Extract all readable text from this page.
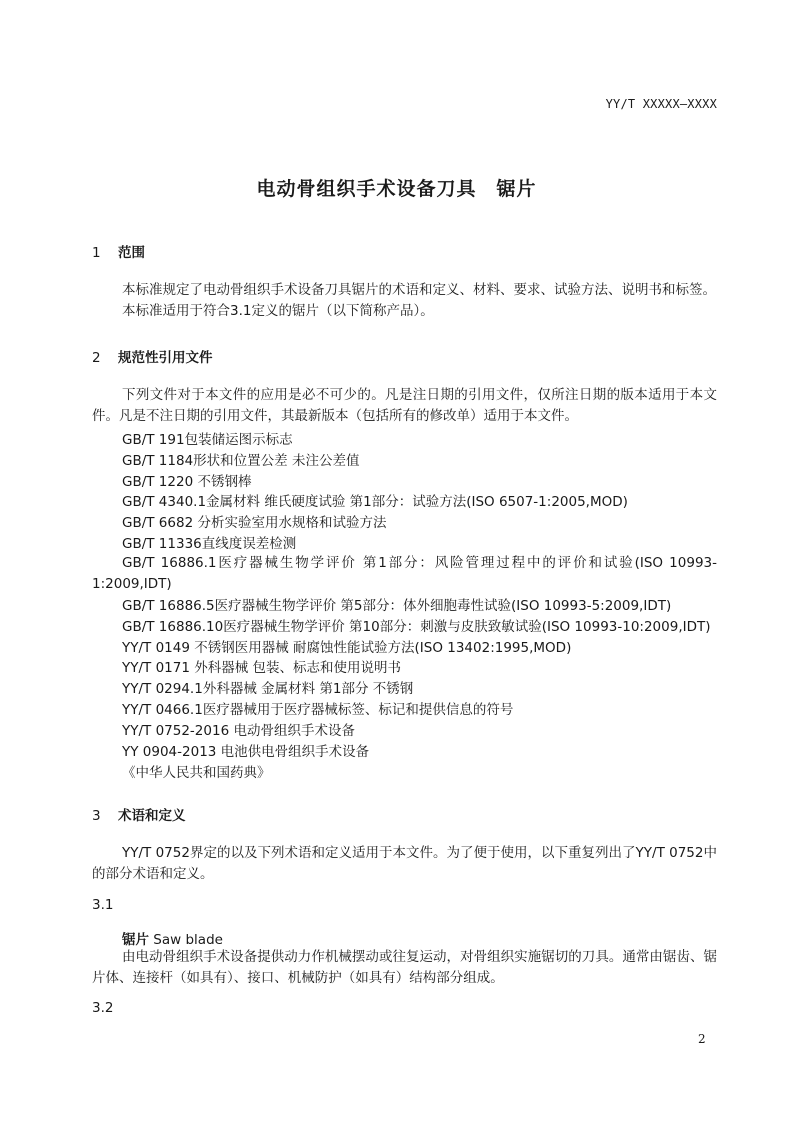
YY/T XXXXX—XXXX
电动骨组织手术设备刀具　锯片
1 范围
本标准规定了电动骨组织手术设备刀具锯片的术语和定义、材料、要求、试验方法、说明书和标签。
本标准适用于符合3.1定义的锯片（以下简称产品）。
2 规范性引用文件
下列文件对于本文件的应用是必不可少的。凡是注日期的引用文件，仅所注日期的版本适用于本文件。凡是不注日期的引用文件，其最新版本（包括所有的修改单）适用于本文件。
GB/T 191包装储运图示标志
GB/T 1184形状和位置公差 未注公差值
GB/T 1220 不锈钢棒
GB/T 4340.1金属材料 维氏硬度试验 第1部分：试验方法(ISO 6507-1:2005,MOD)
GB/T 6682 分析实验室用水规格和试验方法
GB/T 11336直线度误差检测
GB/T 16886.1医疗器械生物学评价 第1部分：风险管理过程中的评价和试验(ISO 10993-1:2009,IDT)
GB/T 16886.5医疗器械生物学评价 第5部分：体外细胞毒性试验(ISO 10993-5:2009,IDT)
GB/T 16886.10医疗器械生物学评价 第10部分：刺激与皮肤致敏试验(ISO 10993-10:2009,IDT)
YY/T 0149 不锈钢医用器械 耐腐蚀性能试验方法(ISO 13402:1995,MOD)
YY/T 0171 外科器械 包装、标志和使用说明书
YY/T 0294.1外科器械 金属材料 第1部分 不锈钢
YY/T 0466.1医疗器械用于医疗器械标签、标记和提供信息的符号
YY/T 0752-2016 电动骨组织手术设备
YY 0904-2013 电池供电骨组织手术设备
《中华人民共和国药典》
3 术语和定义
YY/T 0752界定的以及下列术语和定义适用于本文件。为了便于使用，以下重复列出了YY/T 0752中的部分术语和定义。
3.1
锯片 Saw blade
由电动骨组织手术设备提供动力作机械摆动或往复运动，对骨组织实施锯切的刀具。通常由锯齿、锯片体、连接杆（如具有）、接口、机械防护（如具有）结构部分组成。
3.2
2
